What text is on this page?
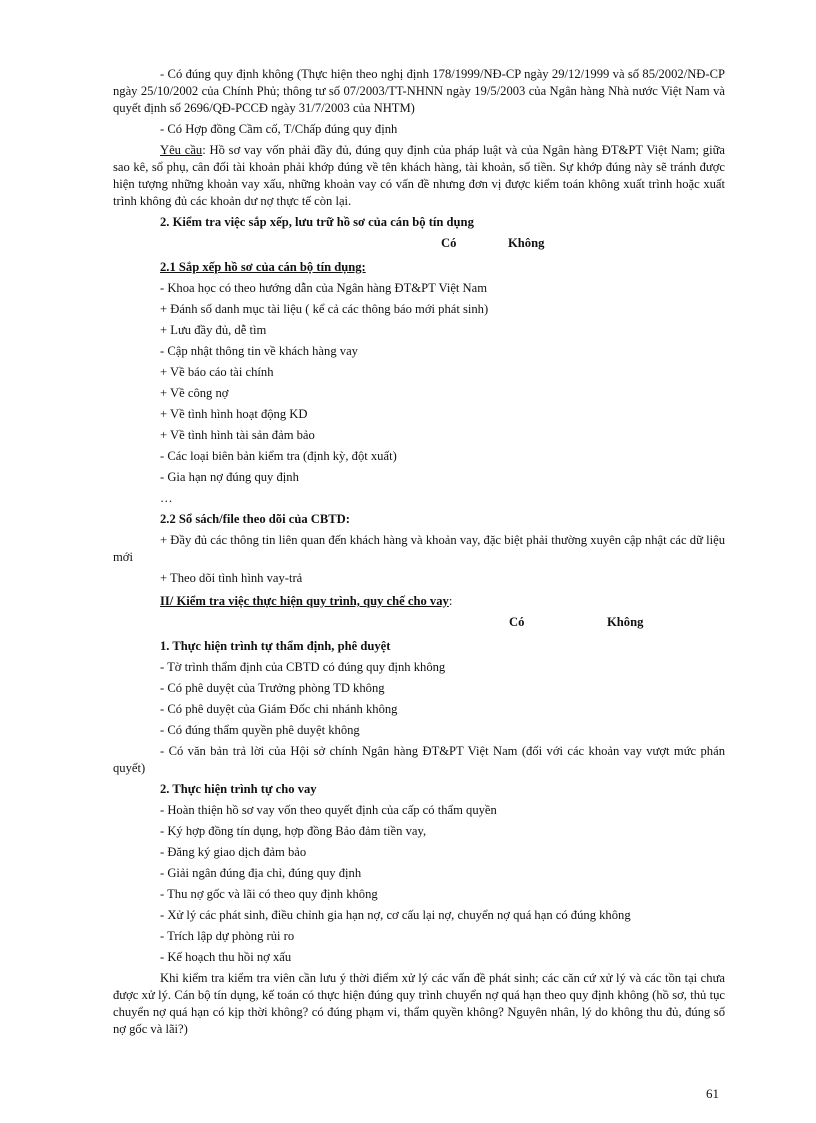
- Có đúng quy định không (Thực hiện theo nghị định 178/1999/NĐ-CP ngày 29/12/1999 và số 85/2002/NĐ-CP ngày 25/10/2002 của Chính Phủ; thông tư số 07/2003/TT-NHNN ngày 19/5/2003 của Ngân hàng Nhà nước Việt Nam và quyết định số 2696/QĐ-PCCĐ ngày 31/7/2003 của NHTM)

- Có Hợp đồng Cầm cố, T/Chấp đúng quy định

Yêu cầu: Hồ sơ vay vốn phải đầy đủ, đúng quy định của pháp luật và của Ngân hàng ĐT&PT Việt Nam; giữa sao kê, sổ phụ, cân đối tài khoản phải khớp đúng về tên khách hàng, tài khoản, số tiền. Sự khớp đúng này sẽ tránh được hiện tượng những khoản vay xấu, những khoản vay có vấn đề nhưng đơn vị được kiểm toán không xuất trình hoặc xuất trình không đủ các khoản dư nợ thực tế còn lại.

2. Kiểm tra việc sắp xếp, lưu trữ hồ sơ của cán bộ tín dụng

Có	Không

2.1 Sắp xếp hồ sơ của cán bộ tín dụng:

- Khoa học có theo hướng dẫn của Ngân hàng ĐT&PT Việt Nam

+ Đánh số danh mục tài liệu ( kể cả các thông báo mới phát sinh)

+ Lưu đầy đủ, dễ tìm

- Cập nhật thông tin về khách hàng vay

+ Về báo cáo tài chính

+ Về công nợ

+ Về tình hình hoạt động KD

+ Về tình hình tài sản đảm bảo

- Các loại biên bản kiểm tra (định kỳ, đột xuất)

- Gia hạn nợ đúng quy định

…

2.2 Sổ sách/file theo dõi của CBTD:

+ Đầy đủ các thông tin liên quan đến khách hàng và khoản vay, đặc biệt phải thường xuyên cập nhật các dữ liệu mới

+ Theo dõi tình hình vay-trả

II/ Kiểm tra việc thực hiện quy trình, quy chế cho vay:

Có	Không

1. Thực hiện trình tự thẩm định, phê duyệt

- Tờ trình thẩm định của CBTD có đúng quy định không

- Có phê duyệt của Trưởng phòng TD không

- Có phê duyệt của Giám Đốc chi nhánh không

- Có đúng thẩm quyền phê duyệt không

- Có văn bản trả lời của Hội sở chính Ngân hàng ĐT&PT Việt Nam (đối với các khoản vay vượt mức phán quyết)

2. Thực hiện trình tự cho vay

- Hoàn thiện hồ sơ vay vốn theo quyết định của cấp có thẩm quyền

- Ký hợp đồng tín dụng, hợp đồng Bảo đảm tiền vay,

- Đăng ký giao dịch đảm bảo

- Giải ngân đúng địa chỉ, đúng quy định

- Thu nợ gốc và lãi có theo quy định không

- Xử lý các phát sinh, điều chỉnh gia hạn nợ, cơ cấu lại nợ, chuyển nợ quá hạn có đúng không

- Trích lập dự phòng rủi ro

- Kế hoạch thu hồi nợ xấu

Khi kiểm tra kiểm tra viên cần lưu ý thời điểm xử lý các vấn đề phát sinh; các căn cứ xử lý và các tồn tại chưa được xử lý. Cán bộ tín dụng, kế toán có thực hiện đúng quy trình chuyển nợ quá hạn theo quy định không (hồ sơ, thủ tục chuyển nợ quá hạn có kịp thời không? có đúng phạm vi, thẩm quyền không? Nguyên nhân, lý do không thu đủ, đúng số nợ gốc và lãi?)

61
